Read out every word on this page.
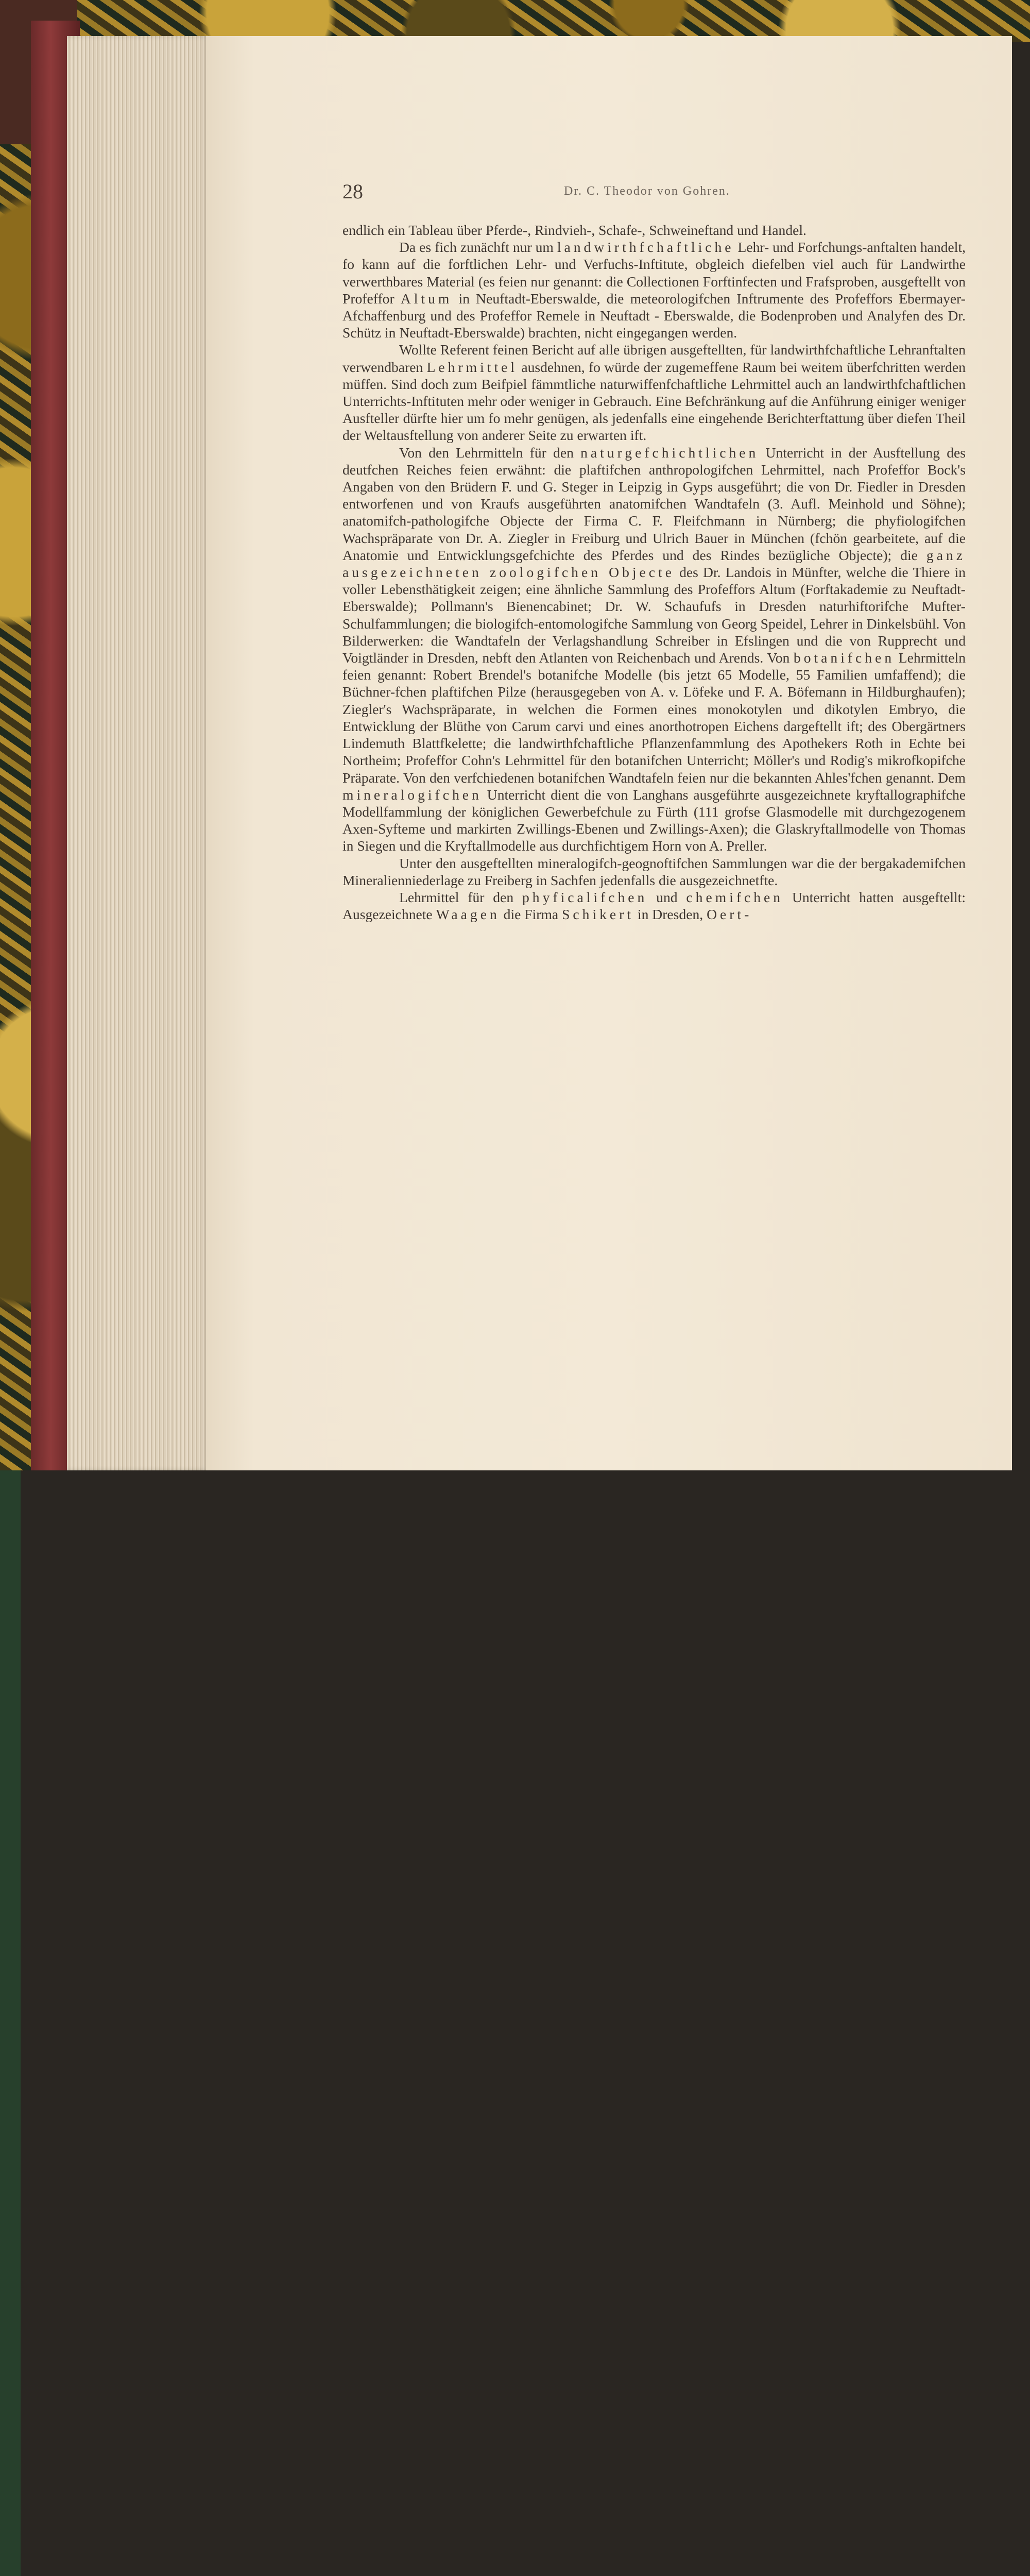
28	Dr. C. Theodor von Gohren.

endlich ein Tableau über Pferde-, Rindvieh-, Schafe-, Schweineftand und Handel.

Da es fich zunächft nur um landwirthfchaftliche Lehr- und Forfchungs-anftalten handelt, fo kann auf die forftlichen Lehr- und Verfuchs-Inftitute, obgleich diefelben viel auch für Landwirthe verwerthbares Material (es feien nur genannt: die Collectionen Forftinfecten und Frafsproben, ausgeftellt von Profeffor Altum in Neuftadt-Eberswalde, die meteorologifchen Inftrumente des Profeffors Ebermayer-Afchaffenburg und des Profeffor Remele in Neuftadt - Eberswalde, die Bodenproben und Analyfen des Dr. Schütz in Neuftadt-Eberswalde) brachten, nicht eingegangen werden.

Wollte Referent feinen Bericht auf alle übrigen ausgeftellten, für landwirthfchaftliche Lehranftalten verwendbaren Lehrmittel ausdehnen, fo würde der zugemeffene Raum bei weitem überfchritten werden müffen. Sind doch zum Beifpiel fämmtliche naturwiffenfchaftliche Lehrmittel auch an landwirthfchaftlichen Unterrichts-Inftituten mehr oder weniger in Gebrauch. Eine Befchränkung auf die Anführung einiger weniger Ausfteller dürfte hier um fo mehr genügen, als jedenfalls eine eingehende Berichterftattung über diefen Theil der Weltausftellung von anderer Seite zu erwarten ift.

Von den Lehrmitteln für den naturgefchichtlichen Unterricht in der Ausftellung des deutfchen Reiches feien erwähnt: die plaftifchen anthropologifchen Lehrmittel, nach Profeffor Bock's Angaben von den Brüdern F. und G. Steger in Leipzig in Gyps ausgeführt; die von Dr. Fiedler in Dresden entworfenen und von Kraufs ausgeführten anatomifchen Wandtafeln (3. Aufl. Meinhold und Söhne); anatomifch-pathologifche Objecte der Firma C. F. Fleifchmann in Nürnberg; die phyfiologifchen Wachspräparate von Dr. A. Ziegler in Freiburg und Ulrich Bauer in München (fchön gearbeitete, auf die Anatomie und Entwicklungsgefchichte des Pferdes und des Rindes bezügliche Objecte); die ganz ausgezeichneten zoologifchen Objecte des Dr. Landois in Münfter, welche die Thiere in voller Lebensthätigkeit zeigen; eine ähnliche Sammlung des Profeffors Altum (Forftakademie zu Neuftadt-Eberswalde); Pollmann's Bienencabinet; Dr. W. Schaufufs in Dresden naturhiftorifche Mufter-Schulfammlungen; die biologifch-entomologifche Sammlung von Georg Speidel, Lehrer in Dinkelsbühl. Von Bilderwerken: die Wandtafeln der Verlagshandlung Schreiber in Efslingen und die von Rupprecht und Voigtländer in Dresden, nebft den Atlanten von Reichenbach und Arends. Von botanifchen Lehrmitteln feien genannt: Robert Brendel's botanifche Modelle (bis jetzt 65 Modelle, 55 Familien umfaffend); die Büchner-fchen plaftifchen Pilze (herausgegeben von A. v. Löfeke und F. A. Böfemann in Hildburghaufen); Ziegler's Wachspräparate, in welchen die Formen eines monokotylen und dikotylen Embryo, die Entwicklung der Blüthe von Carum carvi und eines anorthotropen Eichens dargeftellt ift; des Obergärtners Lindemuth Blattfkelette; die landwirthfchaftliche Pflanzenfammlung des Apothekers Roth in Echte bei Northeim; Profeffor Cohn's Lehrmittel für den botanifchen Unterricht; Möller's und Rodig's mikrofkopifche Präparate. Von den verfchiedenen botanifchen Wandtafeln feien nur die bekannten Ahles'fchen genannt. Dem mineralogifchen Unterricht dient die von Langhans ausgeführte ausgezeichnete kryftallographifche Modellfammlung der königlichen Gewerbefchule zu Fürth (111 grofse Glasmodelle mit durchgezogenem Axen-Syfteme und markirten Zwillings-Ebenen und Zwillings-Axen); die Glaskryftallmodelle von Thomas in Siegen und die Kryftallmodelle aus durchfichtigem Horn von A. Preller.

Unter den ausgeftellten mineralogifch-geognoftifchen Sammlungen war die der bergakademifchen Mineralienniederlage zu Freiberg in Sachfen jedenfalls die ausgezeichnetfte.

Lehrmittel für den phyficalifchen und chemifchen Unterricht hatten ausgeftellt: Ausgezeichnete Waagen die Firma Schikert in Dresden, Oert-
